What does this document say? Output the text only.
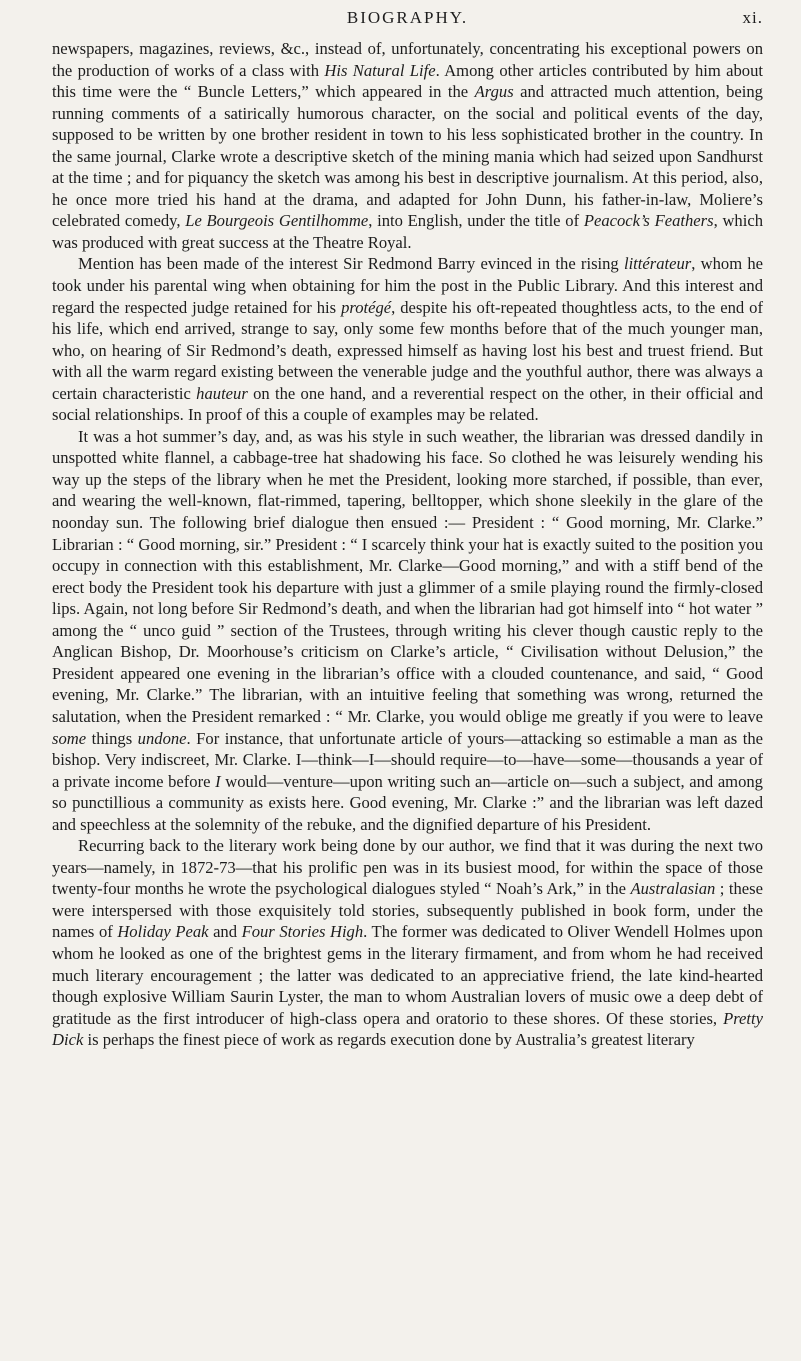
BIOGRAPHY.	xi.

newspapers, magazines, reviews, &c., instead of, unfortunately, concentrating his exceptional powers on the production of works of a class with His Natural Life. Among other articles contributed by him about this time were the “ Buncle Letters,” which appeared in the Argus and attracted much attention, being running comments of a satirically humorous character, on the social and political events of the day, supposed to be written by one brother resident in town to his less sophisticated brother in the country. In the same journal, Clarke wrote a descriptive sketch of the mining mania which had seized upon Sandhurst at the time ; and for piquancy the sketch was among his best in descriptive journalism. At this period, also, he once more tried his hand at the drama, and adapted for John Dunn, his father-in-law, Moliere’s celebrated comedy, Le Bourgeois Gentilhomme, into English, under the title of Peacock’s Feathers, which was produced with great success at the Theatre Royal.

Mention has been made of the interest Sir Redmond Barry evinced in the rising littérateur, whom he took under his parental wing when obtaining for him the post in the Public Library. And this interest and regard the respected judge retained for his protégé, despite his oft-repeated thoughtless acts, to the end of his life, which end arrived, strange to say, only some few months before that of the much younger man, who, on hearing of Sir Redmond’s death, expressed himself as having lost his best and truest friend. But with all the warm regard existing between the venerable judge and the youthful author, there was always a certain characteristic hauteur on the one hand, and a reverential respect on the other, in their official and social relationships. In proof of this a couple of examples may be related.

It was a hot summer’s day, and, as was his style in such weather, the librarian was dressed dandily in unspotted white flannel, a cabbage-tree hat shadowing his face. So clothed he was leisurely wending his way up the steps of the library when he met the President, looking more starched, if possible, than ever, and wearing the well-known, flat-rimmed, tapering, belltopper, which shone sleekily in the glare of the noonday sun. The following brief dialogue then ensued :— President : “ Good morning, Mr. Clarke.” Librarian : “ Good morning, sir.” President : “ I scarcely think your hat is exactly suited to the position you occupy in connection with this establishment, Mr. Clarke—Good morning,” and with a stiff bend of the erect body the President took his departure with just a glimmer of a smile playing round the firmly-closed lips. Again, not long before Sir Redmond’s death, and when the librarian had got himself into “ hot water ” among the “ unco guid ” section of the Trustees, through writing his clever though caustic reply to the Anglican Bishop, Dr. Moorhouse’s criticism on Clarke’s article, “ Civilisation without Delusion,” the President appeared one evening in the librarian’s office with a clouded countenance, and said, “ Good evening, Mr. Clarke.” The librarian, with an intuitive feeling that something was wrong, returned the salutation, when the President remarked : “ Mr. Clarke, you would oblige me greatly if you were to leave some things undone. For instance, that unfortunate article of yours—attacking so estimable a man as the bishop. Very indiscreet, Mr. Clarke. I—think—I—should require—to—have—some—thousands a year of a private income before I would—venture—upon writing such an—article on—such a subject, and among so punctillious a community as exists here. Good evening, Mr. Clarke :” and the librarian was left dazed and speechless at the solemnity of the rebuke, and the dignified departure of his President.

Recurring back to the literary work being done by our author, we find that it was during the next two years—namely, in 1872-73—that his prolific pen was in its busiest mood, for within the space of those twenty-four months he wrote the psychological dialogues styled “ Noah’s Ark,” in the Australasian ; these were interspersed with those exquisitely told stories, subsequently published in book form, under the names of Holiday Peak and Four Stories High. The former was dedicated to Oliver Wendell Holmes upon whom he looked as one of the brightest gems in the literary firmament, and from whom he had received much literary encouragement ; the latter was dedicated to an appreciative friend, the late kind-hearted though explosive William Saurin Lyster, the man to whom Australian lovers of music owe a deep debt of gratitude as the first introducer of high-class opera and oratorio to these shores. Of these stories, Pretty Dick is perhaps the finest piece of work as regards execution done by Australia’s greatest literary
